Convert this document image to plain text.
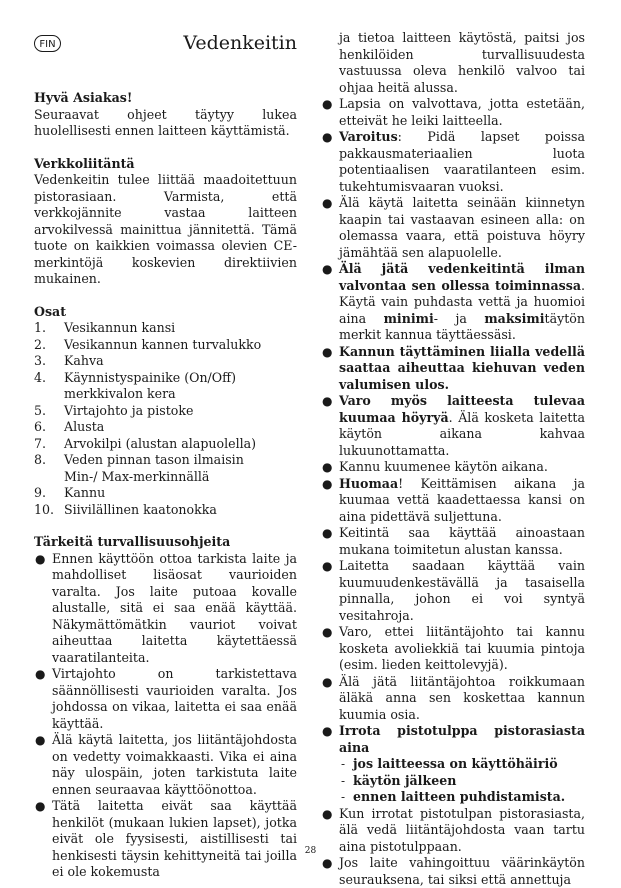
FIN	Vedenkeitin

Hyvä Asiakas!

Seuraavat ohjeet täytyy lukea huolellisesti ennen laitteen käyttämistä.

Verkkoliitäntä

Vedenkeitin tulee liittää maadoitettuun pistorasiaan. Varmista, että verkkojännite vastaa laitteen arvokilvessä mainittua jännitettä. Tämä tuote on kaikkien voimassa olevien CE-merkintöjä koskevien direktiivien mukainen.

Osat

1. Vesikannun kansi
2. Vesikannun kannen turvalukko
3. Kahva
4. Käynnistyspainike (On/Off) merkkivalon kera
5. Virtajohto ja pistoke
6. Alusta
7. Arvokilpi (alustan alapuolella)
8. Veden pinnan tason ilmaisin Min-/ Max-merkinnällä
9. Kannu
10. Siivilällinen kaatonokka

Tärkeitä turvallisuusohjeita

● Ennen käyttöön ottoa tarkista laite ja mahdolliset lisäosat vaurioiden varalta. Jos laite putoaa kovalle alustalle, sitä ei saa enää käyttää. Näkymättömätkin vauriot voivat aiheuttaa laitetta käytettäessä vaaratilanteita.
● Virtajohto on tarkistettava säännöllisesti vaurioiden varalta. Jos johdossa on vikaa, laitetta ei saa enää käyttää.
● Älä käytä laitetta, jos liitäntäjohdosta on vedetty voimakkaasti. Vika ei aina näy ulospäin, joten tarkistuta laite ennen seuraavaa käyttöönottoa.
● Tätä laitetta eivät saa käyttää henkilöt (mukaan lukien lapset), jotka eivät ole fyysisesti, aistillisesti tai henkisesti täysin kehittyneitä tai joilla ei ole kokemusta

ja tietoa laitteen käytöstä, paitsi jos henkilöiden turvallisuudesta vastuussa oleva henkilö valvoo tai ohjaa heitä alussa.

● Lapsia on valvottava, jotta estetään, etteivät he leiki laitteella.
● Varoitus: Pidä lapset poissa pakkausmateriaalien luota potentiaalisen vaaratilanteen esim. tukehtumisvaaran vuoksi.
● Älä käytä laitetta seinään kiinnetyn kaapin tai vastaavan esineen alla: on olemassa vaara, että poistuva höyry jämähtää sen alapuolelle.
● Älä jätä vedenkeitintä ilman valvontaa sen ollessa toiminnassa. Käytä vain puhdasta vettä ja huomioi aina minimi- ja maksimitäytön merkit kannua täyttäessäsi.
● Kannun täyttäminen liialla vedellä saattaa aiheuttaa kiehuvan veden valumisen ulos.
● Varo myös laitteesta tulevaa kuumaa höyryä. Älä kosketa laitetta käytön aikana kahvaa lukuunottamatta.
● Kannu kuumenee käytön aikana.
● Huomaa! Keittämisen aikana ja kuumaa vettä kaadettaessa kansi on aina pidettävä suljettuna.
● Keitintä saa käyttää ainoastaan mukana toimitetun alustan kanssa.
● Laitetta saadaan käyttää vain kuumuudenkestävällä ja tasaisella pinnalla, johon ei voi syntyä vesitahroja.
● Varo, ettei liitäntäjohto tai kannu kosketa avoliekkiä tai kuumia pintoja (esim. lieden keittolevyjä).
● Älä jätä liitäntäjohtoa roikkumaan äläkä anna sen koskettaa kannun kuumia osia.
● Irrota pistotulppa pistorasiasta aina
- jos laitteessa on käyttöhäiriö
- käytön jälkeen
- ennen laitteen puhdistamista.
● Kun irrotat pistotulpan pistorasiasta, älä vedä liitäntäjohdosta vaan tartu aina pistotulppaan.
● Jos laite vahingoittuu väärinkäytön seurauksena, tai siksi että annettuja
28
